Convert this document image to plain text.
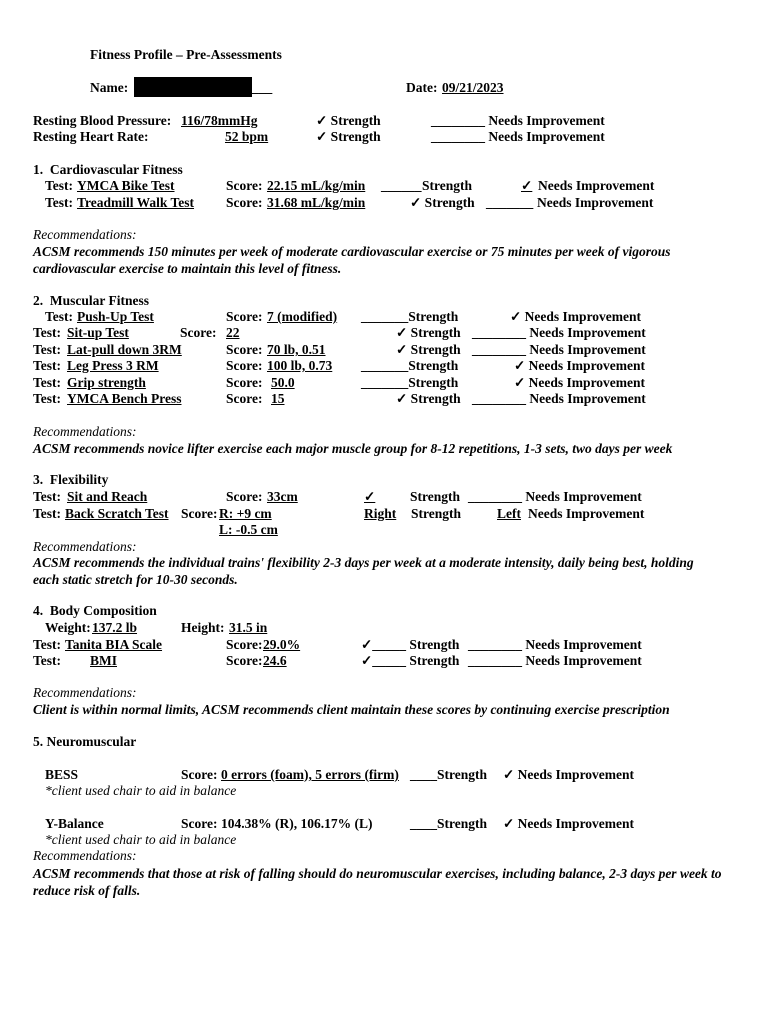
Fitness Profile – Pre-Assessments
Name:	___	Date: 09/21/2023
Resting Blood Pressure: 116/78mmHg	✓ Strength	________ Needs Improvement
Resting Heart Rate:	52 bpm	✓ Strength	________ Needs Improvement
1.  Cardiovascular Fitness
Test: YMCA Bike Test	Score: 22.15 mL/kg/min ______ Strength	✓ Needs Improvement
Test: Treadmill Walk Test Score: 31.68 mL/kg/min	✓ Strength _______ Needs Improvement
Recommendations:
ACSM recommends 150 minutes per week of moderate cardiovascular exercise or 75 minutes per week of vigorous cardiovascular exercise to maintain this level of fitness.
2.  Muscular Fitness
Test: Push-Up Test	Score: 7 (modified) _______Strength	✓ Needs Improvement
Test: Sit-up Test	Score: 22	✓ Strength ________ Needs Improvement
Test: Lat-pull down 3RM	Score: 70 lb, 0.51	✓ Strength ________ Needs Improvement
Test: Leg Press 3 RM	Score: 100 lb, 0.73 _______Strength	✓ Needs Improvement
Test: Grip strength	Score: 50.0	_______Strength	✓ Needs Improvement
Test: YMCA Bench Press	Score: 15	✓ Strength ________ Needs Improvement
Recommendations:
ACSM recommends novice lifter exercise each major muscle group for 8-12 repetitions, 1-3 sets, two days per week
3.  Flexibility
Test: Sit and Reach	Score: 33cm	✓	Strength ________ Needs Improvement
Test: Back Scratch Test Score: R: +9 cm
L: -0.5 cm
Right Strength	Left Needs Improvement
Recommendations:
ACSM recommends the individual trains' flexibility 2-3 days per week at a moderate intensity, daily being best, holding each static stretch for 10-30 seconds.
4.  Body Composition
Weight: 137.2 lb	Height: 31.5 in
Test: Tanita BIA Scale	Score: 29.0%	✓_____ Strength ________ Needs Improvement
Test: BMI	Score: 24.6	✓_____ Strength ________ Needs Improvement
Recommendations:
Client is within normal limits, ACSM recommends client maintain these scores by continuing exercise prescription
5. Neuromuscular
BESS	Score: 0 errors (foam), 5 errors (firm) ____Strength ✓ Needs Improvement
*client used chair to aid in balance
Y-Balance	Score: 104.38% (R), 106.17% (L)	____Strength ✓ Needs Improvement
*client used chair to aid in balance
Recommendations:
ACSM recommends that those at risk of falling should do neuromuscular exercises, including balance, 2-3 days per week to reduce risk of falls.
